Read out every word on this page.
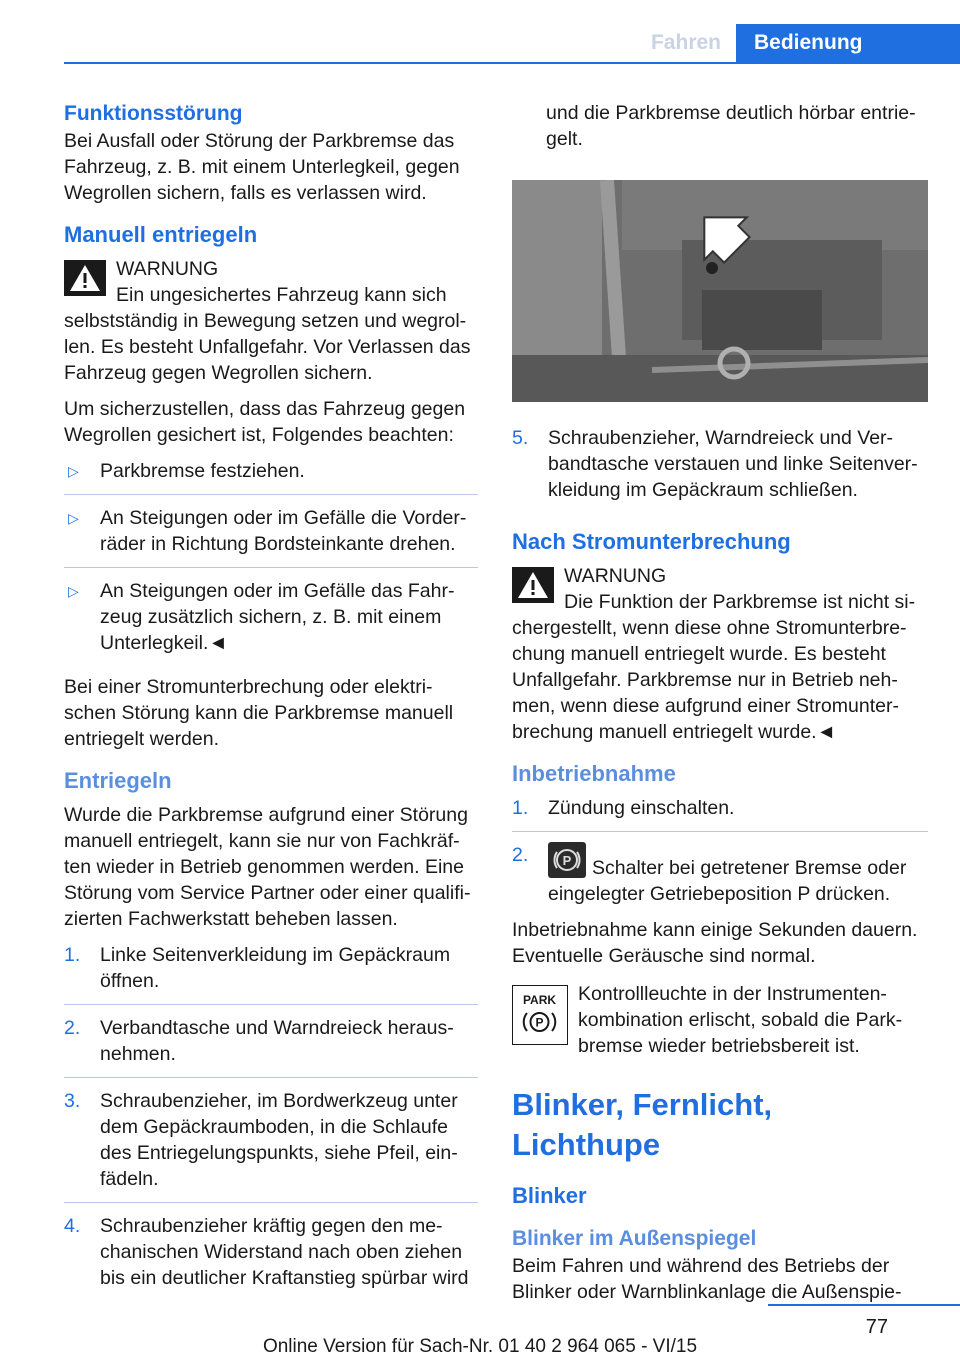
Fahren	Bedienung
Funktionsstörung

Bei Ausfall oder Störung der Parkbremse das Fahrzeug, z. B. mit einem Unterlegkeil, gegen Wegrollen sichern, falls es verlassen wird.

Manuell entriegeln
WARNUNG
Ein ungesichertes Fahrzeug kann sich selbstständig in Bewegung setzen und wegrol‐len. Es besteht Unfallgefahr. Vor Verlassen das Fahrzeug gegen Wegrollen sichern.

Um sicherzustellen, dass das Fahrzeug gegen Wegrollen gesichert ist, Folgendes beachten:

▷ Parkbremse festziehen.
▷ An Steigungen oder im Gefälle die Vorder‐räder in Richtung Bordsteinkante drehen.
▷ An Steigungen oder im Gefälle das Fahr‐zeug zusätzlich sichern, z. B. mit einem Unterlegkeil.◄

Bei einer Stromunterbrechung oder elektri‐schen Störung kann die Parkbremse manuell entriegelt werden.

Entriegeln

Wurde die Parkbremse aufgrund einer Störung manuell entriegelt, kann sie nur von Fachkräf‐ten wieder in Betrieb genommen werden. Eine Störung vom Service Partner oder einer qualifi‐zierten Fachwerkstatt beheben lassen.

1. Linke Seitenverkleidung im Gepäckraum öffnen.
2. Verbandtasche und Warndreieck heraus‐nehmen.
3. Schraubenzieher, im Bordwerkzeug unter dem Gepäckraumboden, in die Schlaufe des Entriegelungspunkts, siehe Pfeil, ein‐fädeln.
4. Schraubenzieher kräftig gegen den me‐chanischen Widerstand nach oben ziehen bis ein deutlicher Kraftanstieg spürbar wird

und die Parkbremse deutlich hörbar entrie‐gelt.

5. Schraubenzieher, Warndreieck und Ver‐bandtasche verstauen und linke Seitenver‐kleidung im Gepäckraum schließen.
Nach Stromunterbrechung
WARNUNG
Die Funktion der Parkbremse ist nicht si‐chergestellt, wenn diese ohne Stromunterbre‐chung manuell entriegelt wurde. Es besteht Unfallgefahr. Parkbremse nur in Betrieb neh‐men, wenn diese aufgrund einer Stromunter‐brechung manuell entriegelt wurde.◄
Inbetriebnahme
1. Zündung einschalten.
2.	P Schalter bei getretener Bremse oder eingelegter Getriebeposition P drücken.

Inbetriebnahme kann einige Sekunden dauern. Eventuelle Geräusche sind normal.

PARK
P

Kontrollleuchte in der Instrumenten‐kombination erlischt, sobald die Park‐bremse wieder betriebsbereit ist.

Blinker, Fernlicht, Lichthupe
Blinker
Blinker im Außenspiegel

Beim Fahren und während des Betriebs der Blinker oder Warnblinkanlage die Außenspie‐

77
Online Version für Sach-Nr. 01 40 2 964 065 - VI/15
